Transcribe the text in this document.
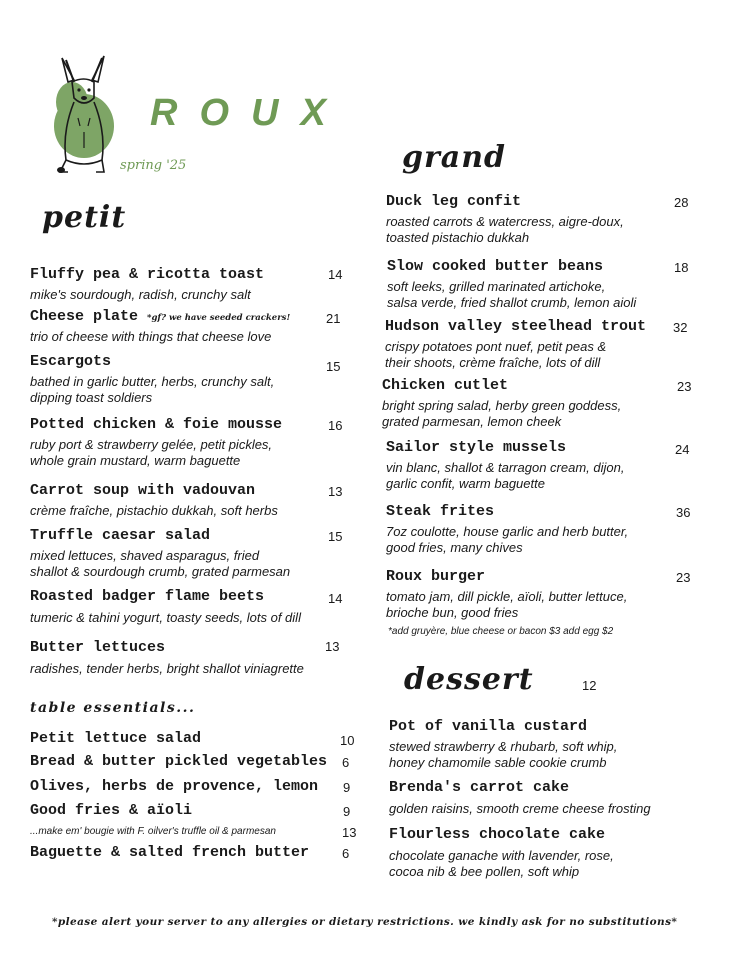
ROUX
spring '25
petit
grand
dessert	12
table essentials...
Fluffy pea & ricotta toast
mike's sourdough, radish, crunchy salt
14
Cheese plate *gf? we have seeded crackers!
trio of cheese with things that cheese love
21
Escargots
bathed in garlic butter, herbs, crunchy salt,
dipping toast soldiers
15
Potted chicken & foie mousse
ruby port & strawberry gelée, petit pickles,
whole grain mustard, warm baguette
16
Carrot soup with vadouvan
crème fraîche, pistachio dukkah, soft herbs
13
Truffle caesar salad
mixed lettuces, shaved asparagus, fried
shallot & sourdough crumb, grated parmesan
15
Roasted badger flame beets
tumeric & tahini yogurt, toasty seeds, lots of dill
14
Butter lettuces
radishes, tender herbs, bright shallot viniagrette
13
Petit lettuce salad	10
Bread & butter pickled vegetables 6
Olives, herbs de provence, lemon 9
Good fries & aïoli	9
...make em' bougie with F. oilver's truffle oil & parmesan	13
Baguette & salted french butter	6
Duck leg confit
roasted carrots & watercress, aigre-doux,
toasted pistachio dukkah
28
Slow cooked butter beans
soft leeks, grilled marinated artichoke,
salsa verde, fried shallot crumb, lemon aioli
18
Hudson valley steelhead trout
crispy potatoes pont nuef, petit peas &
their shoots, crème fraîche, lots of dill
32
Chicken cutlet
bright spring salad, herby green goddess,
grated parmesan, lemon cheek
23
Sailor style mussels
vin blanc, shallot & tarragon cream, dijon,
garlic confit, warm baguette
24
Steak frites
7oz coulotte, house garlic and herb butter,
good fries, many chives
36
Roux burger
tomato jam, dill pickle, aïoli, butter lettuce,
brioche bun, good fries
23
*add gruyère, blue cheese or bacon $3 add egg $2
Pot of vanilla custard
stewed strawberry & rhubarb, soft whip,
honey chamomile sable cookie crumb
Brenda's carrot cake
golden raisins, smooth creme cheese frosting
Flourless chocolate cake
chocolate ganache with lavender, rose,
cocoa nib & bee pollen, soft whip
*please alert your server to any allergies or dietary restrictions. we kindly ask for no substitutions*
